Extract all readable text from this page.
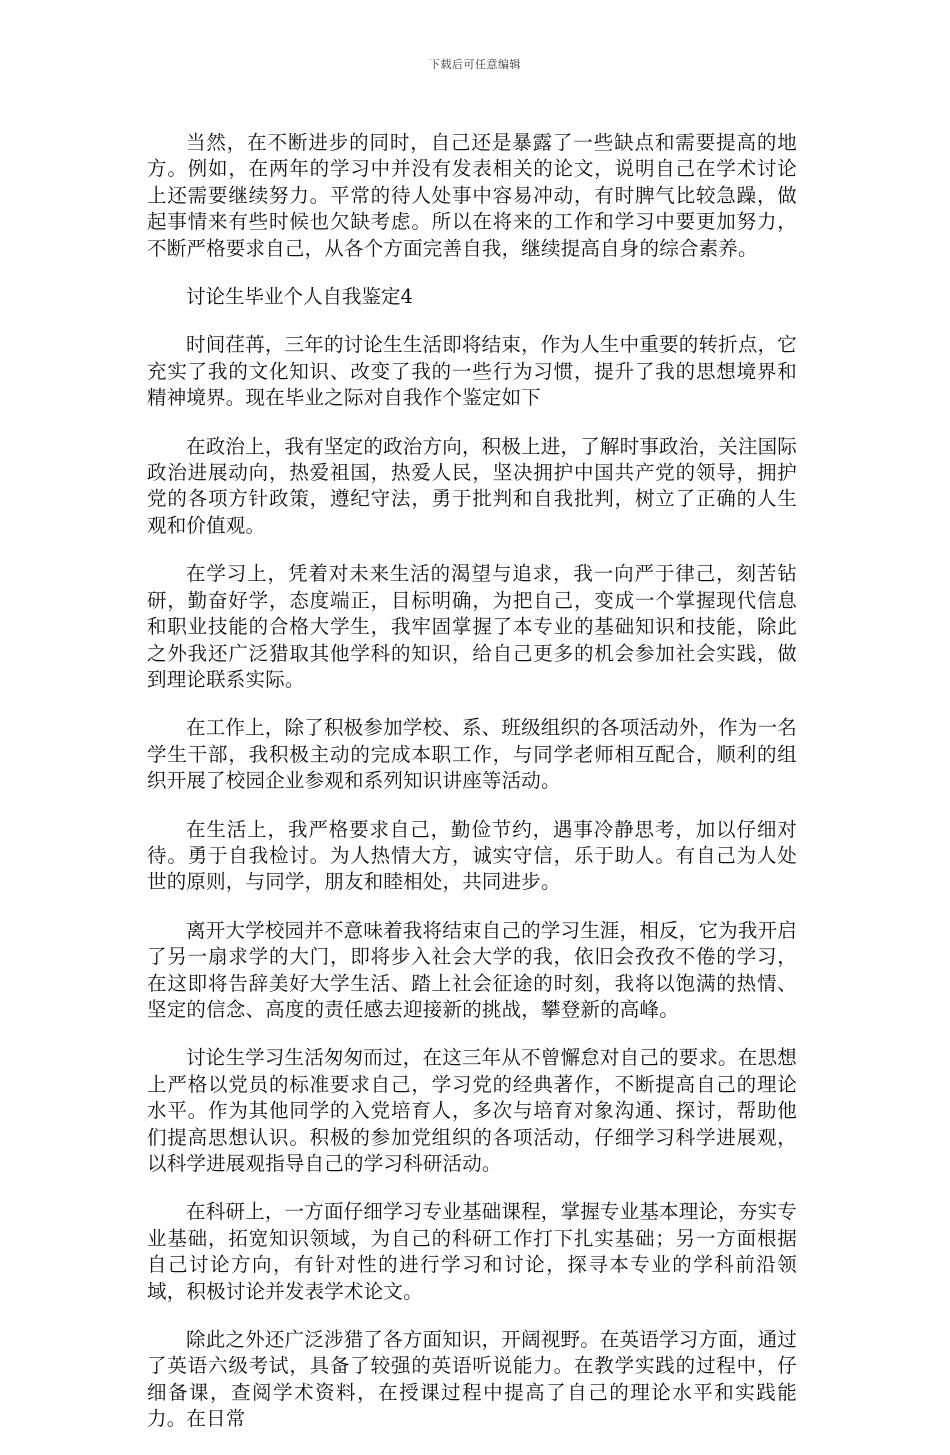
下载后可任意编辑

当然，在不断进步的同时，自己还是暴露了一些缺点和需要提高的地方。例如，在两年的学习中并没有发表相关的论文，说明自己在学术讨论上还需要继续努力。平常的待人处事中容易冲动，有时脾气比较急躁，做起事情来有些时候也欠缺考虑。所以在将来的工作和学习中要更加努力，不断严格要求自己，从各个方面完善自我，继续提高自身的综合素养。

讨论生毕业个人自我鉴定4

时间荏苒，三年的讨论生生活即将结束，作为人生中重要的转折点，它充实了我的文化知识、改变了我的一些行为习惯，提升了我的思想境界和精神境界。现在毕业之际对自我作个鉴定如下

在政治上，我有坚定的政治方向，积极上进，了解时事政治，关注国际政治进展动向，热爱祖国，热爱人民，坚决拥护中国共产党的领导，拥护党的各项方针政策，遵纪守法，勇于批判和自我批判，树立了正确的人生观和价值观。

在学习上，凭着对未来生活的渴望与追求，我一向严于律己，刻苦钻研，勤奋好学，态度端正，目标明确，为把自己，变成一个掌握现代信息和职业技能的合格大学生，我牢固掌握了本专业的基础知识和技能，除此之外我还广泛猎取其他学科的知识，给自己更多的机会参加社会实践，做到理论联系实际。

在工作上，除了积极参加学校、系、班级组织的各项活动外，作为一名学生干部，我积极主动的完成本职工作，与同学老师相互配合，顺利的组织开展了校园企业参观和系列知识讲座等活动。

在生活上，我严格要求自己，勤俭节约，遇事冷静思考，加以仔细对待。勇于自我检讨。为人热情大方，诚实守信，乐于助人。有自己为人处世的原则，与同学，朋友和睦相处，共同进步。

离开大学校园并不意味着我将结束自己的学习生涯，相反，它为我开启了另一扇求学的大门，即将步入社会大学的我，依旧会孜孜不倦的学习，在这即将告辞美好大学生活、踏上社会征途的时刻，我将以饱满的热情、坚定的信念、高度的责任感去迎接新的挑战，攀登新的高峰。

讨论生学习生活匆匆而过，在这三年从不曾懈怠对自己的要求。在思想上严格以党员的标准要求自己，学习党的经典著作，不断提高自己的理论水平。作为其他同学的入党培育人，多次与培育对象沟通、探讨，帮助他们提高思想认识。积极的参加党组织的各项活动，仔细学习科学进展观，以科学进展观指导自己的学习科研活动。

在科研上，一方面仔细学习专业基础课程，掌握专业基本理论，夯实专业基础，拓宽知识领域，为自己的科研工作打下扎实基础；另一方面根据自己讨论方向，有针对性的进行学习和讨论，探寻本专业的学科前沿领域，积极讨论并发表学术论文。

除此之外还广泛涉猎了各方面知识，开阔视野。在英语学习方面，通过了英语六级考试，具备了较强的英语听说能力。在教学实践的过程中，仔细备课，查阅学术资料，在授课过程中提高了自己的理论水平和实践能力。在日常
